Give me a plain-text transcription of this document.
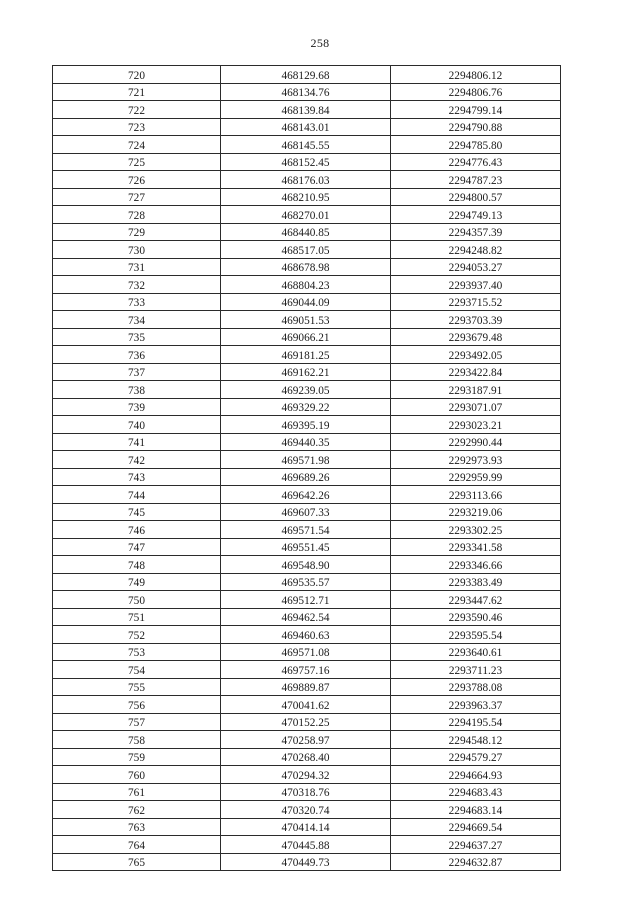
258
720	468129.68	2294806.12
721	468134.76	2294806.76
722	468139.84	2294799.14
723	468143.01	2294790.88
724	468145.55	2294785.80
725	468152.45	2294776.43
726	468176.03	2294787.23
727	468210.95	2294800.57
728	468270.01	2294749.13
729	468440.85	2294357.39
730	468517.05	2294248.82
731	468678.98	2294053.27
732	468804.23	2293937.40
733	469044.09	2293715.52
734	469051.53	2293703.39
735	469066.21	2293679.48
736	469181.25	2293492.05
737	469162.21	2293422.84
738	469239.05	2293187.91
739	469329.22	2293071.07
740	469395.19	2293023.21
741	469440.35	2292990.44
742	469571.98	2292973.93
743	469689.26	2292959.99
744	469642.26	2293113.66
745	469607.33	2293219.06
746	469571.54	2293302.25
747	469551.45	2293341.58
748	469548.90	2293346.66
749	469535.57	2293383.49
750	469512.71	2293447.62
751	469462.54	2293590.46
752	469460.63	2293595.54
753	469571.08	2293640.61
754	469757.16	2293711.23
755	469889.87	2293788.08
756	470041.62	2293963.37
757	470152.25	2294195.54
758	470258.97	2294548.12
759	470268.40	2294579.27
760	470294.32	2294664.93
761	470318.76	2294683.43
762	470320.74	2294683.14
763	470414.14	2294669.54
764	470445.88	2294637.27
765	470449.73	2294632.87
